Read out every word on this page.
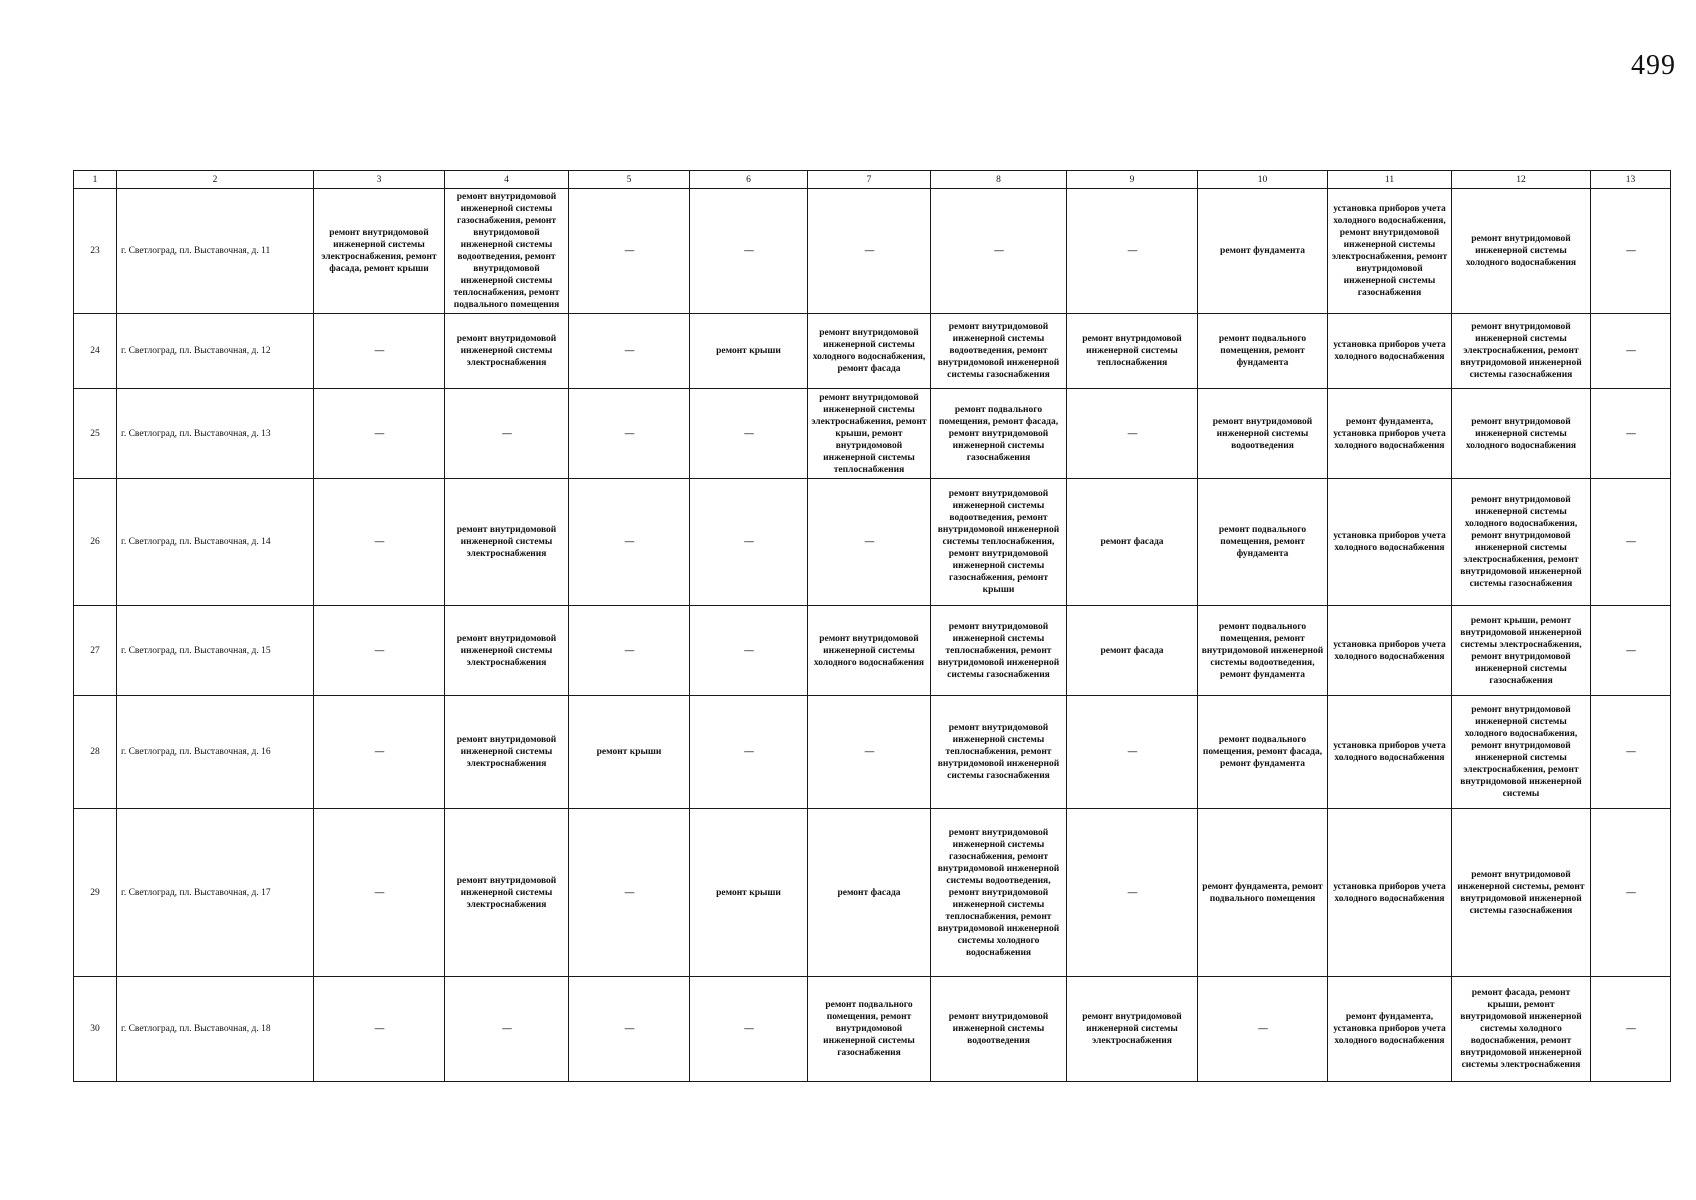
499
1	2	3	4	5	6	7	8	9	10	11	12	13
23	г. Светлоград, пл. Выставочная, д. 11	ремонт внутридомовой инженерной системы электроснабжения, ремонт фасада, ремонт крыши	ремонт внутридомовой инженерной системы газоснабжения, ремонт внутридомовой инженерной системы водоотведения, ремонт внутридомовой инженерной системы теплоснабжения, ремонт подвального помещения	—	—	—	—	—	ремонт фундамента	установка приборов учета холодного водоснабжения, ремонт внутридомовой инженерной системы электроснабжения, ремонт внутридомовой инженерной системы газоснабжения	ремонт внутридомовой инженерной системы холодного водоснабжения	—
24	г. Светлоград, пл. Выставочная, д. 12	—	ремонт внутридомовой инженерной системы электроснабжения	—	ремонт крыши	ремонт внутридомовой инженерной системы холодного водоснабжения, ремонт фасада	ремонт внутридомовой инженерной системы водоотведения, ремонт внутридомовой инженерной системы газоснабжения	ремонт внутридомовой инженерной системы теплоснабжения	ремонт подвального помещения, ремонт фундамента	установка приборов учета холодного водоснабжения	ремонт внутридомовой инженерной системы электроснабжения, ремонт внутридомовой инженерной системы газоснабжения	—
25	г. Светлоград, пл. Выставочная, д. 13	—	—	—	—	ремонт внутридомовой инженерной системы электроснабжения, ремонт крыши, ремонт внутридомовой инженерной системы теплоснабжения	ремонт подвального помещения, ремонт фасада, ремонт внутридомовой инженерной системы газоснабжения	—	ремонт внутридомовой инженерной системы водоотведения	ремонт фундамента, установка приборов учета холодного водоснабжения	ремонт внутридомовой инженерной системы холодного водоснабжения	—
26	г. Светлоград, пл. Выставочная, д. 14	—	ремонт внутридомовой инженерной системы электроснабжения	—	—	—	ремонт внутридомовой инженерной системы водоотведения, ремонт внутридомовой инженерной системы теплоснабжения, ремонт внутридомовой инженерной системы газоснабжения, ремонт крыши	ремонт фасада	ремонт подвального помещения, ремонт фундамента	установка приборов учета холодного водоснабжения	ремонт внутридомовой инженерной системы холодного водоснабжения, ремонт внутридомовой инженерной системы электроснабжения, ремонт внутридомовой инженерной системы газоснабжения	—
27	г. Светлоград, пл. Выставочная, д. 15	—	ремонт внутридомовой инженерной системы электроснабжения	—	—	ремонт внутридомовой инженерной системы холодного водоснабжения	ремонт внутридомовой инженерной системы теплоснабжения, ремонт внутридомовой инженерной системы газоснабжения	ремонт фасада	ремонт подвального помещения, ремонт внутридомовой инженерной системы водоотведения, ремонт фундамента	установка приборов учета холодного водоснабжения	ремонт крыши, ремонт внутридомовой инженерной системы электроснабжения, ремонт внутридомовой инженерной системы газоснабжения	—
28	г. Светлоград, пл. Выставочная, д. 16	—	ремонт внутридомовой инженерной системы электроснабжения	ремонт крыши	—	—	ремонт внутридомовой инженерной системы теплоснабжения, ремонт внутридомовой инженерной системы газоснабжения	—	ремонт подвального помещения, ремонт фасада, ремонт фундамента	установка приборов учета холодного водоснабжения	ремонт внутридомовой инженерной системы холодного водоснабжения, ремонт внутридомовой инженерной системы электроснабжения, ремонт внутридомовой инженерной системы	—
29	г. Светлоград, пл. Выставочная, д. 17	—	ремонт внутридомовой инженерной системы электроснабжения	—	ремонт крыши	ремонт фасада	ремонт внутридомовой инженерной системы газоснабжения, ремонт внутридомовой инженерной системы водоотведения, ремонт внутридомовой инженерной системы теплоснабжения, ремонт внутридомовой инженерной системы холодного водоснабжения	—	ремонт фундамента, ремонт подвального помещения	установка приборов учета холодного водоснабжения	ремонт внутридомовой инженерной системы, ремонт внутридомовой инженерной системы газоснабжения	—
30	г. Светлоград, пл. Выставочная, д. 18	—	—	—	—	ремонт подвального помещения, ремонт внутридомовой инженерной системы газоснабжения	ремонт внутридомовой инженерной системы водоотведения	ремонт внутридомовой инженерной системы электроснабжения	—	ремонт фундамента, установка приборов учета холодного водоснабжения	ремонт фасада, ремонт крыши, ремонт внутридомовой инженерной системы холодного водоснабжения, ремонт внутридомовой инженерной системы электроснабжения	—
